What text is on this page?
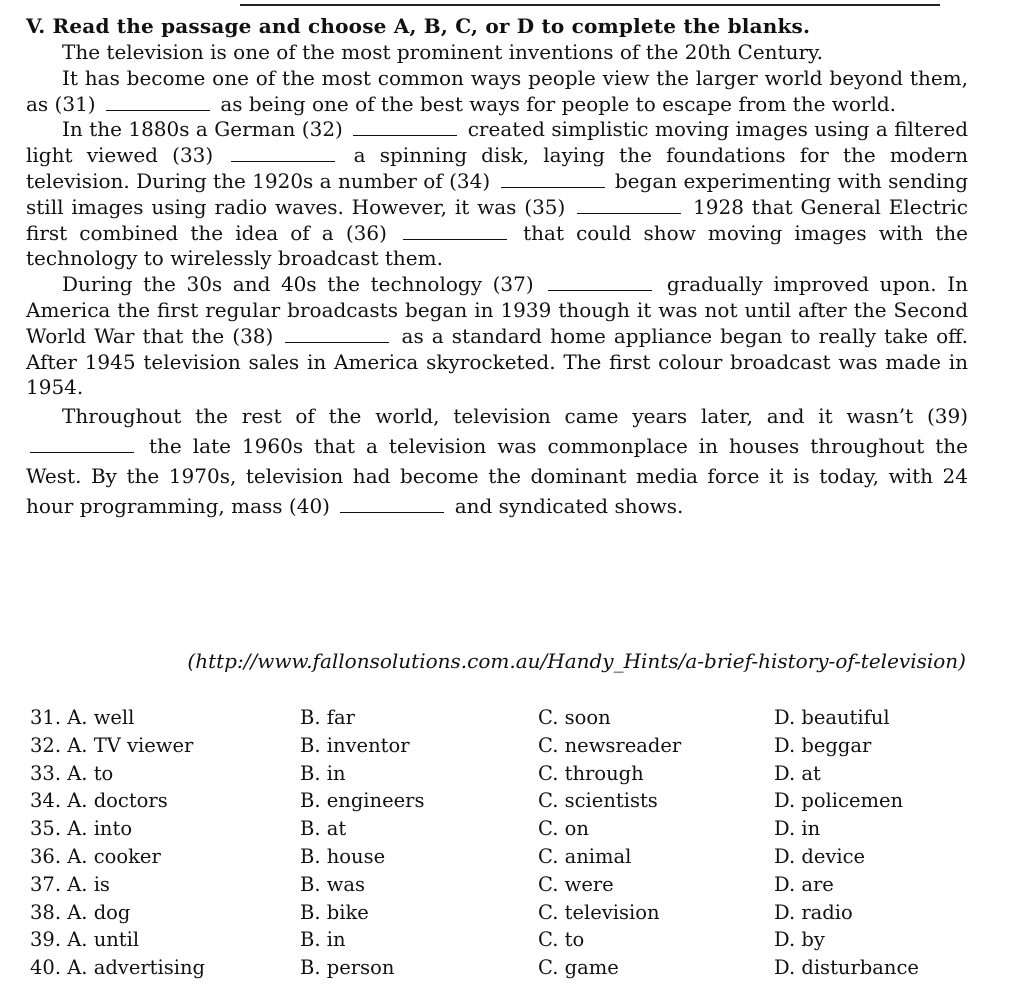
V. Read the passage and choose A, B, C, or D to complete the blanks.

The television is one of the most prominent inventions of the 20th Century.

It has become one of the most common ways people view the larger world beyond them, as (31)	as being one of the best ways for people to escape from the world.

In the 1880s a German (32)	created simplistic moving images using a filtered light viewed (33)	a spinning disk, laying the foundations for the modern television. During the 1920s a number of (34)	began experimenting with sending still images using radio waves. However, it was (35)	1928 that General Electric first combined the idea of a (36)	that could show moving images with the technology to wirelessly broadcast them.

During the 30s and 40s the technology (37)	gradually improved upon. In America the first regular broadcasts began in 1939 though it was not until after the Second World War that the (38)	as a standard home appliance began to really take off. After 1945 television sales in America skyrocketed. The first colour broadcast was made in 1954.

Throughout the rest of the world, television came years later, and it wasn’t (39)  the late 1960s that a television was commonplace in houses throughout the West. By the 1970s, television had become the dominant media force it is today, with 24 hour programming, mass (40)	and syndicated shows.

(http://www.fallonsolutions.com.au/Handy_Hints/a-brief-history-of-television)
31. A. well	B. far	C. soon	D. beautiful
32. A. TV viewer	B. inventor	C. newsreader	D. beggar
33. A. to	B. in	C. through	D. at
34. A. doctors	B. engineers	C. scientists	D. policemen
35. A. into	B. at	C. on	D. in
36. A. cooker	B. house	C. animal	D. device
37. A. is	B. was	C. were	D. are
38. A. dog	B. bike	C. television	D. radio
39. A. until	B. in	C. to	D. by
40. A. advertising	B. person	C. game	D. disturbance
